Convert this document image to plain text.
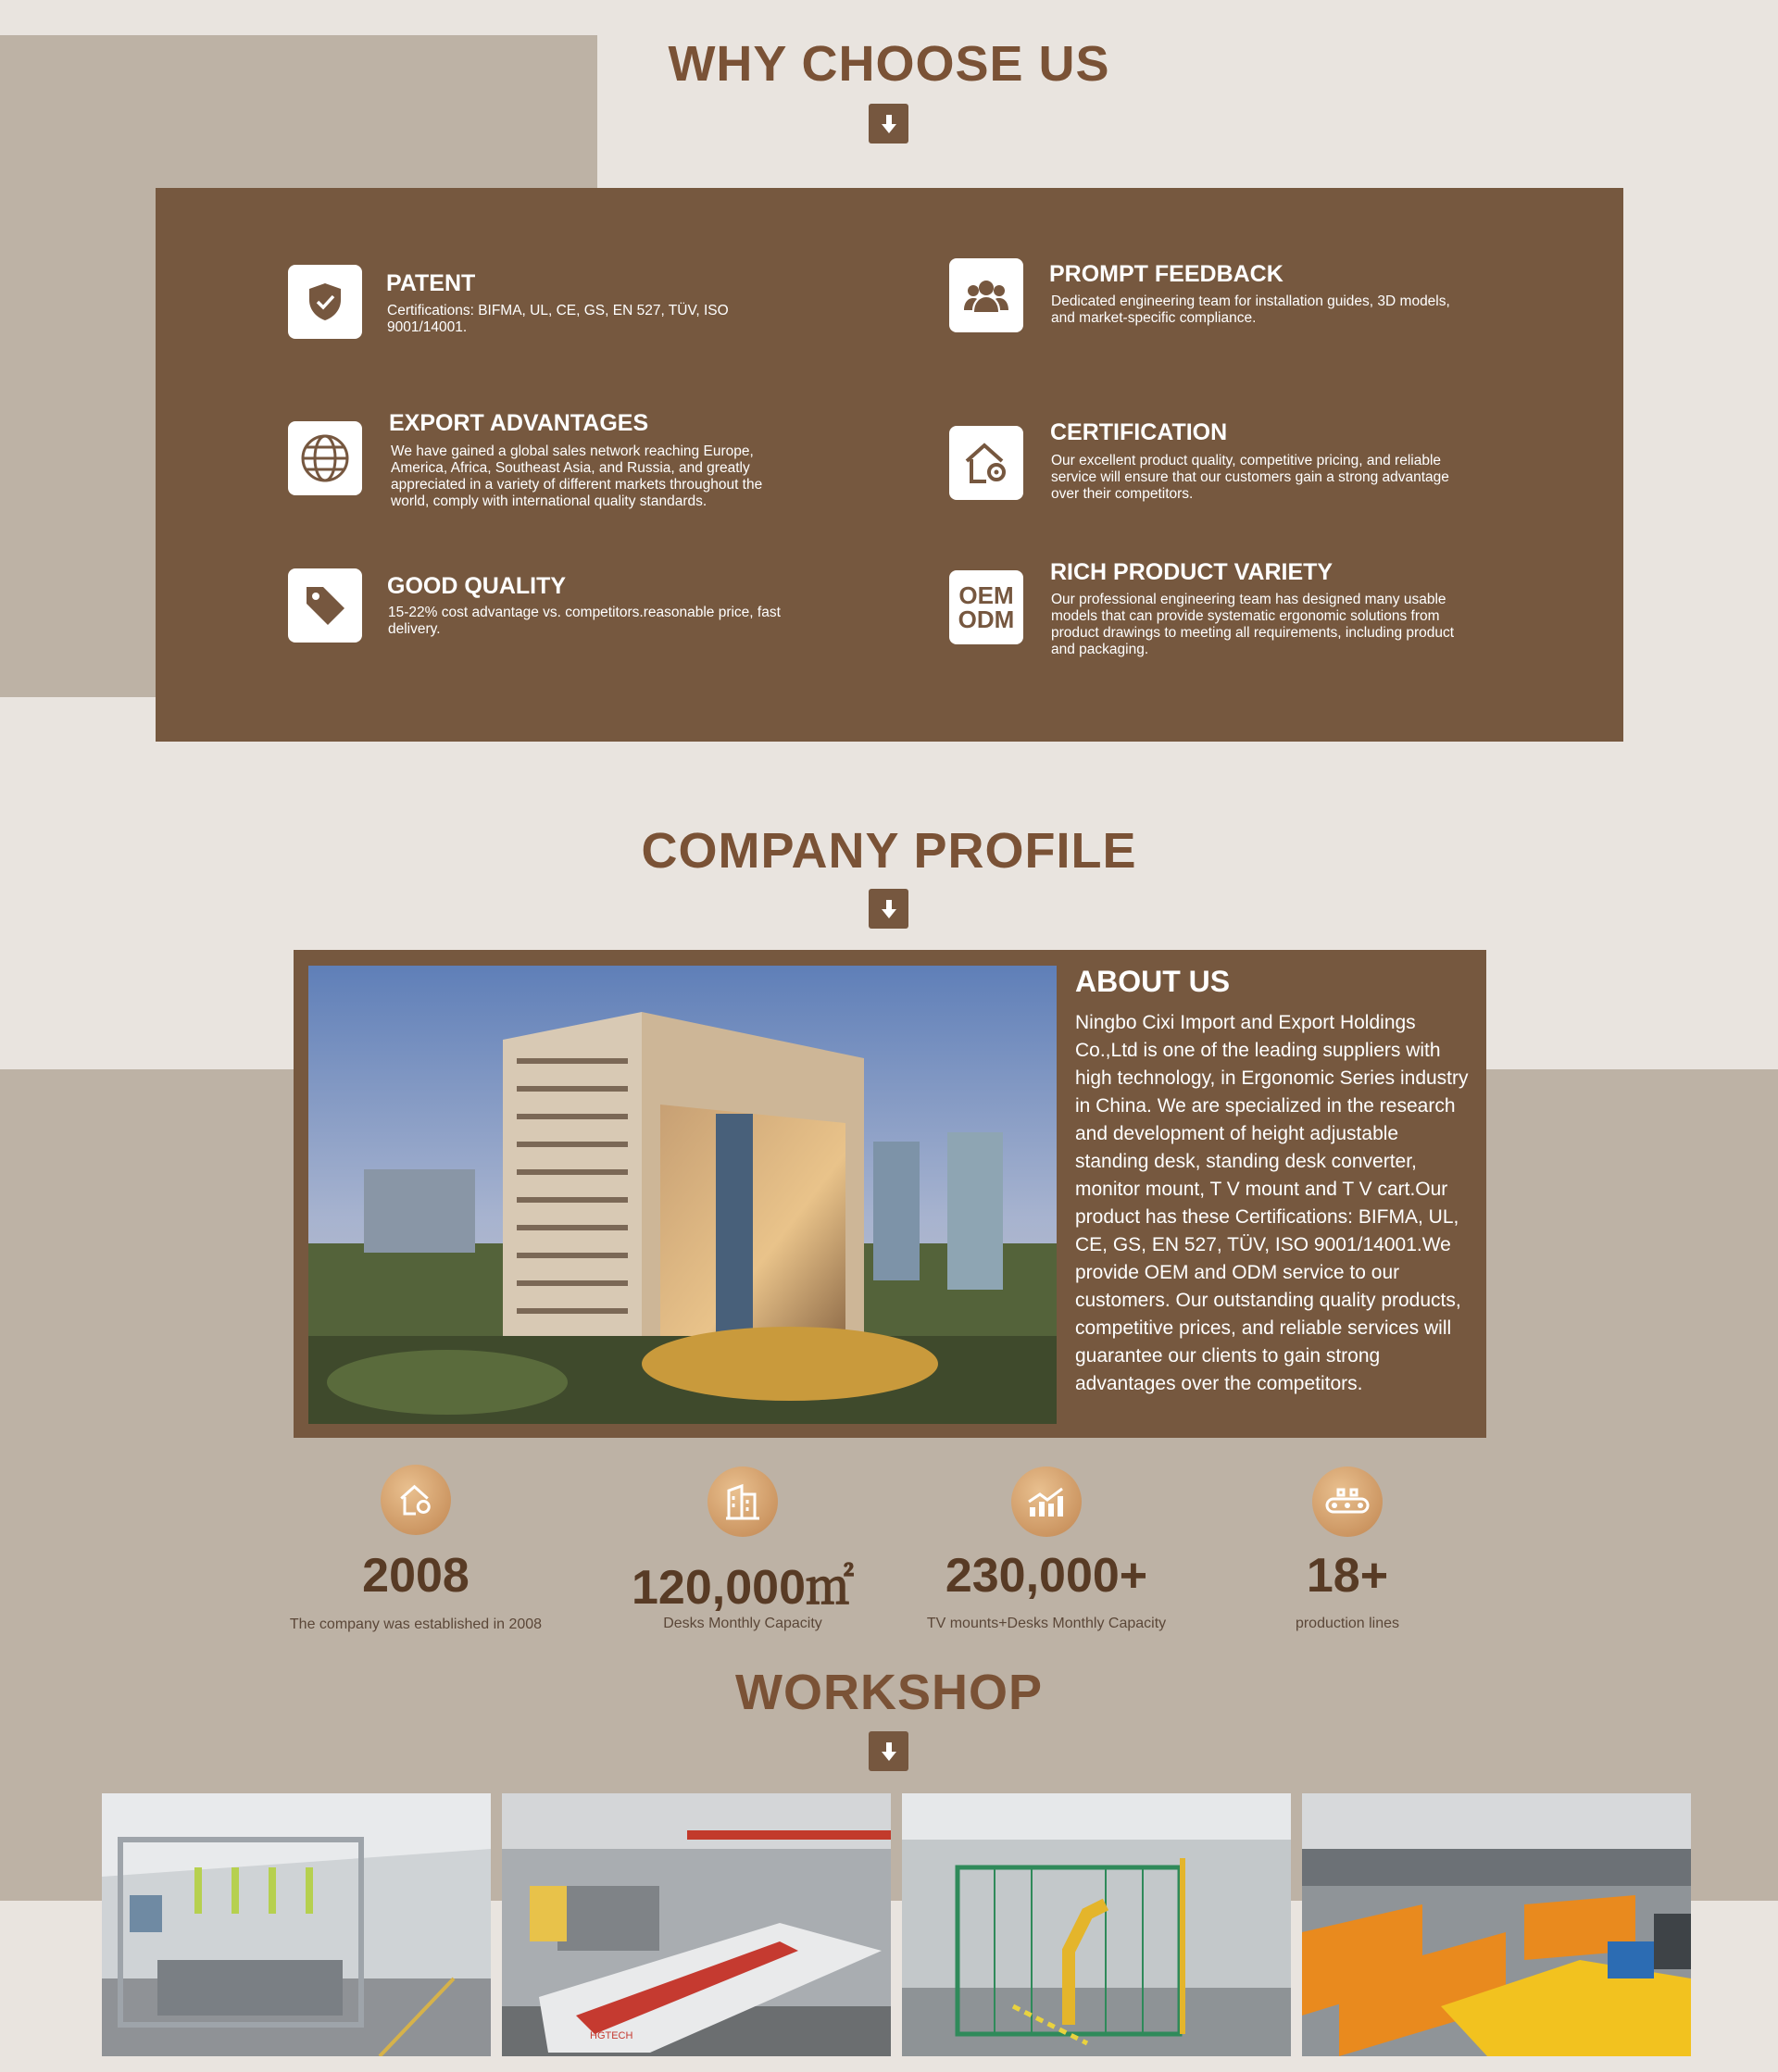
WHY CHOOSE US
PATENT
Certifications: BIFMA, UL, CE, GS, EN 527, TÜV, ISO 9001/14001.
PROMPT FEEDBACK
Dedicated engineering team for installation guides, 3D models, and market-specific compliance.
EXPORT ADVANTAGES
We have gained a global sales network reaching Europe, America, Africa, Southeast Asia, and Russia, and greatly appreciated in a variety of different markets throughout the world, comply with international quality standards.
CERTIFICATION
Our excellent product quality, competitive pricing, and reliable service will ensure that our customers gain a strong advantage over their competitors.
GOOD QUALITY
15-22% cost advantage vs. competitors.reasonable price, fast delivery.
OEM
ODM
RICH PRODUCT VARIETY
Our professional engineering team has designed many usable models that can provide systematic ergonomic solutions from product drawings to meeting all requirements, including product and packaging.
COMPANY PROFILE
ABOUT US
Ningbo Cixi Import and Export Holdings Co.,Ltd is one of the leading suppliers with high technology, in Ergonomic Series industry in China. We are specialized in the research and development of height adjustable standing desk, standing desk converter, monitor mount, T V mount and T V cart.Our product has these Certifications: BIFMA, UL, CE, GS, EN 527, TÜV, ISO 9001/14001.We provide OEM and ODM service to our customers. Our outstanding quality products, competitive prices, and reliable services will guarantee our clients to gain strong advantages over the competitors.
2008
The company was established in 2008
120,000㎡
Desks Monthly Capacity
230,000+
TV mounts+Desks Monthly Capacity
18+
production lines
WORKSHOP
HGTECH
